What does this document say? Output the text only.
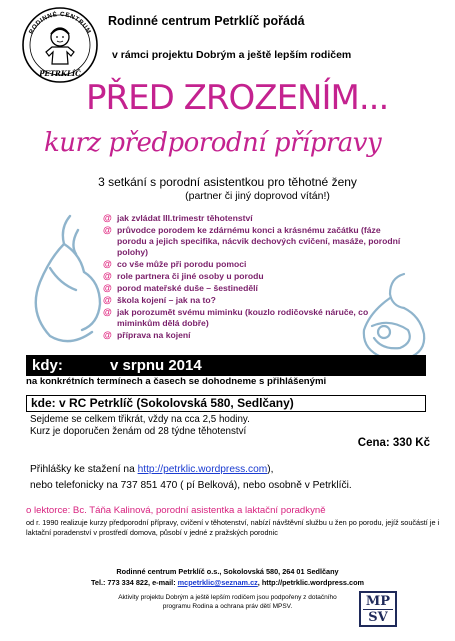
RODINNÉ CENTRUM
PETRKLÍČ
Rodinné centrum Petrklíč pořádá
v rámci projektu Dobrým a ještě lepším rodičem
PŘED ZROZENÍM...
kurz předporodní přípravy
3 setkání s porodní asistentkou pro těhotné ženy
(partner či jiný doprovod vítán!)
@ jak zvládat III.trimestr těhotenství
@ průvodce porodem ke zdárnému konci a krásnému začátku (fáze porodu a jejich specifika, nácvik dechových cvičení, masáže, porodní polohy)
@ co vše může při porodu pomoci
@ role partnera či jiné osoby u porodu
@ porod mateřské duše – šestinedělí
@ škola kojení – jak na to?
@ jak porozumět svému miminku (kouzlo rodičovské náruče, co miminkům dělá dobře)
@ příprava na kojení
kdy:	v srpnu 2014
na konkrétních termínech a časech se dohodneme s přihlášenými
kde: v RC Petrklíč (Sokolovská 580, Sedlčany)
Sejdeme se celkem třikrát, vždy na cca 2,5 hodiny.
Kurz je doporučen ženám od 28 týdne těhotenství
Cena: 330 Kč
Přihlášky ke stažení na http://petrklic.wordpress.com),
nebo telefonicky na 737 851 470 ( pí Belková), nebo osobně v Petrklíči.
o lektorce: Bc. Táňa Kalinová, porodní asistentka a laktační poradkyně
od r. 1990 realizuje kurzy předporodní přípravy, cvičení v těhotenství, nabízí návštěvní službu u žen po porodu, jejíž součástí je i laktační poradenství v prostředí domova, působí v jedné z pražských porodnic
Rodinné centrum Petrklíč o.s., Sokolovská 580, 264 01 Sedlčany
Tel.: 773 334 822, e-mail: mcpetrklic@seznam.cz, http://petrklic.wordpress.com
Aktivity projektu Dobrým a ještě lepším rodičem jsou podpořeny z dotačního programu Rodina a ochrana práv dětí MPSV.	MP
SV
